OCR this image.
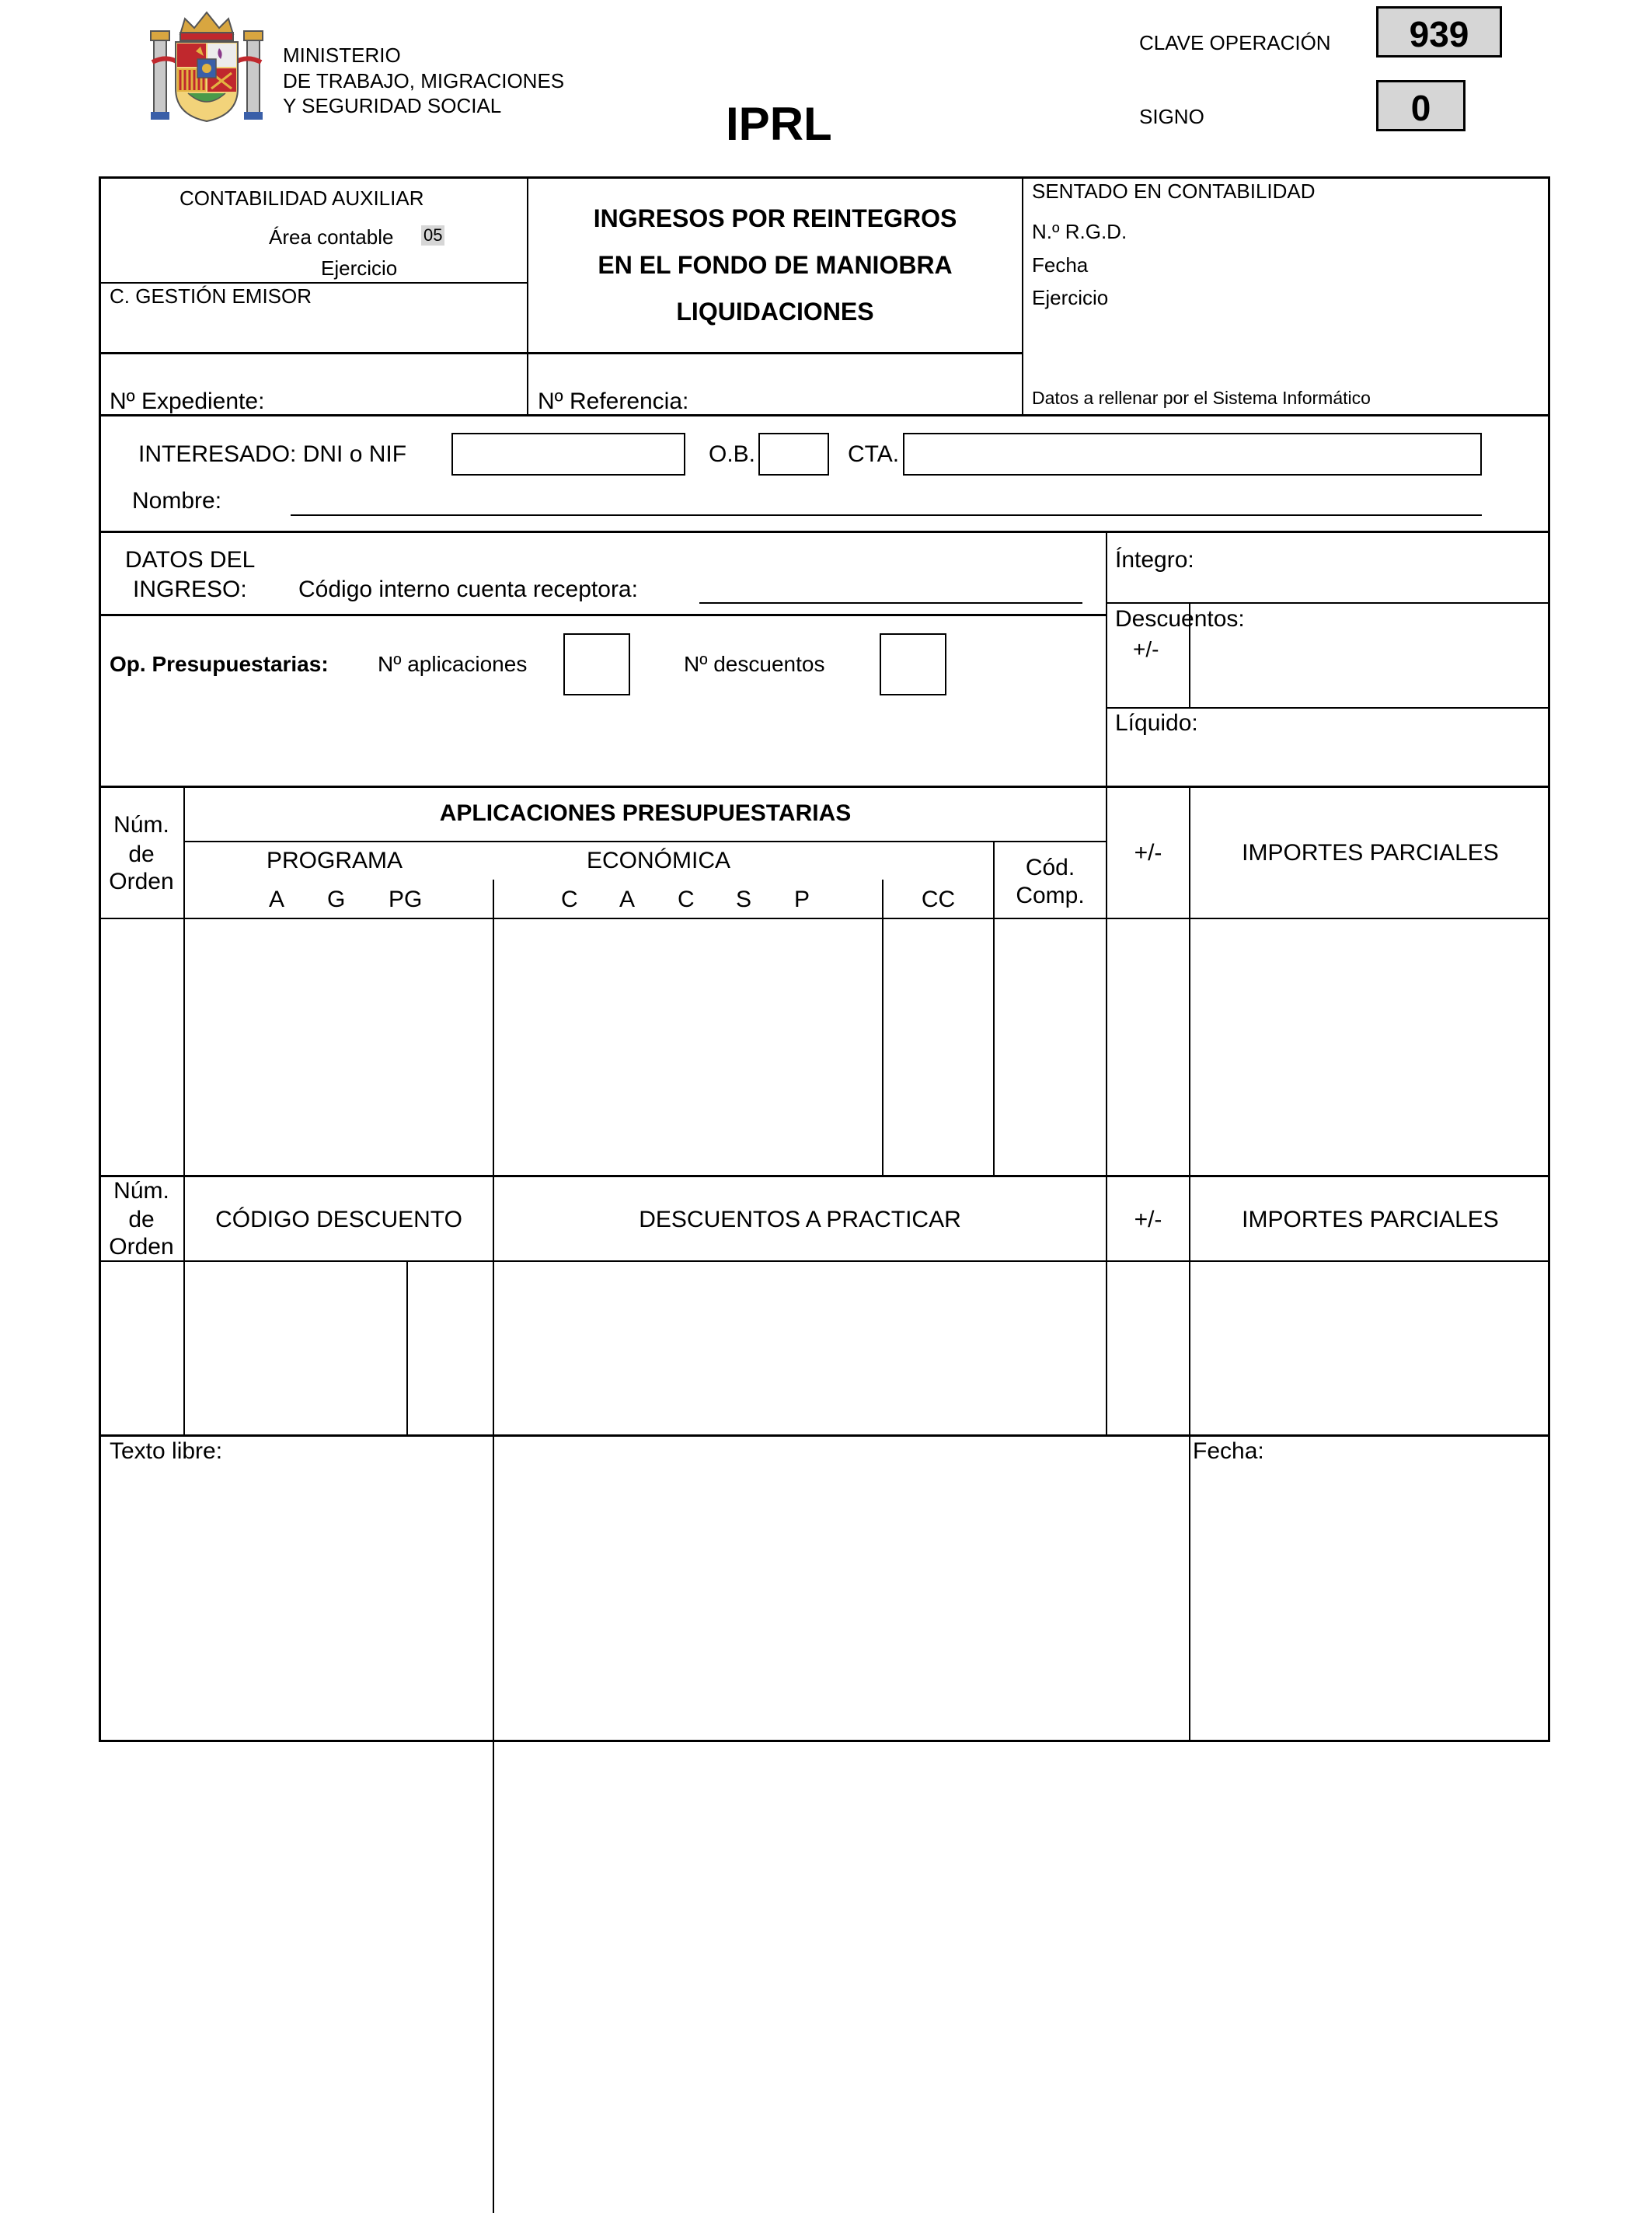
MINISTERIO
DE TRABAJO, MIGRACIONES
Y SEGURIDAD SOCIAL	IPRL
CLAVE OPERACIÓN	939
SIGNO	0
CONTABILIDAD AUXILIAR
Área contable 05
Ejercicio
C. GESTIÓN EMISOR
INGRESOS POR REINTEGROS
EN EL FONDO DE MANIOBRA
LIQUIDACIONES
SENTADO EN CONTABILIDAD
N.º R.G.D.
Fecha
Ejercicio
Nº Expediente:	Nº Referencia:	Datos a rellenar por el Sistema Informático
INTERESADO: DNI o NIF	O.B.	CTA.
Nombre:
DATOS DEL
INGRESO: Código interno cuenta receptora:
Íntegro:
Descuentos:
+/-
Líquido:
Op. Presupuestarias: Nº aplicaciones	Nº descuentos
Núm.
de
Orden
APLICACIONES PRESUPUESTARIAS
PROGRAMA	ECONÓMICA	Cód.
Comp.
A G PG	C A C S P	CC
+/-	IMPORTES PARCIALES
Núm.
de
Orden
CÓDIGO DESCUENTO	DESCUENTOS A PRACTICAR	+/-	IMPORTES PARCIALES
Texto libre:	Fecha:
